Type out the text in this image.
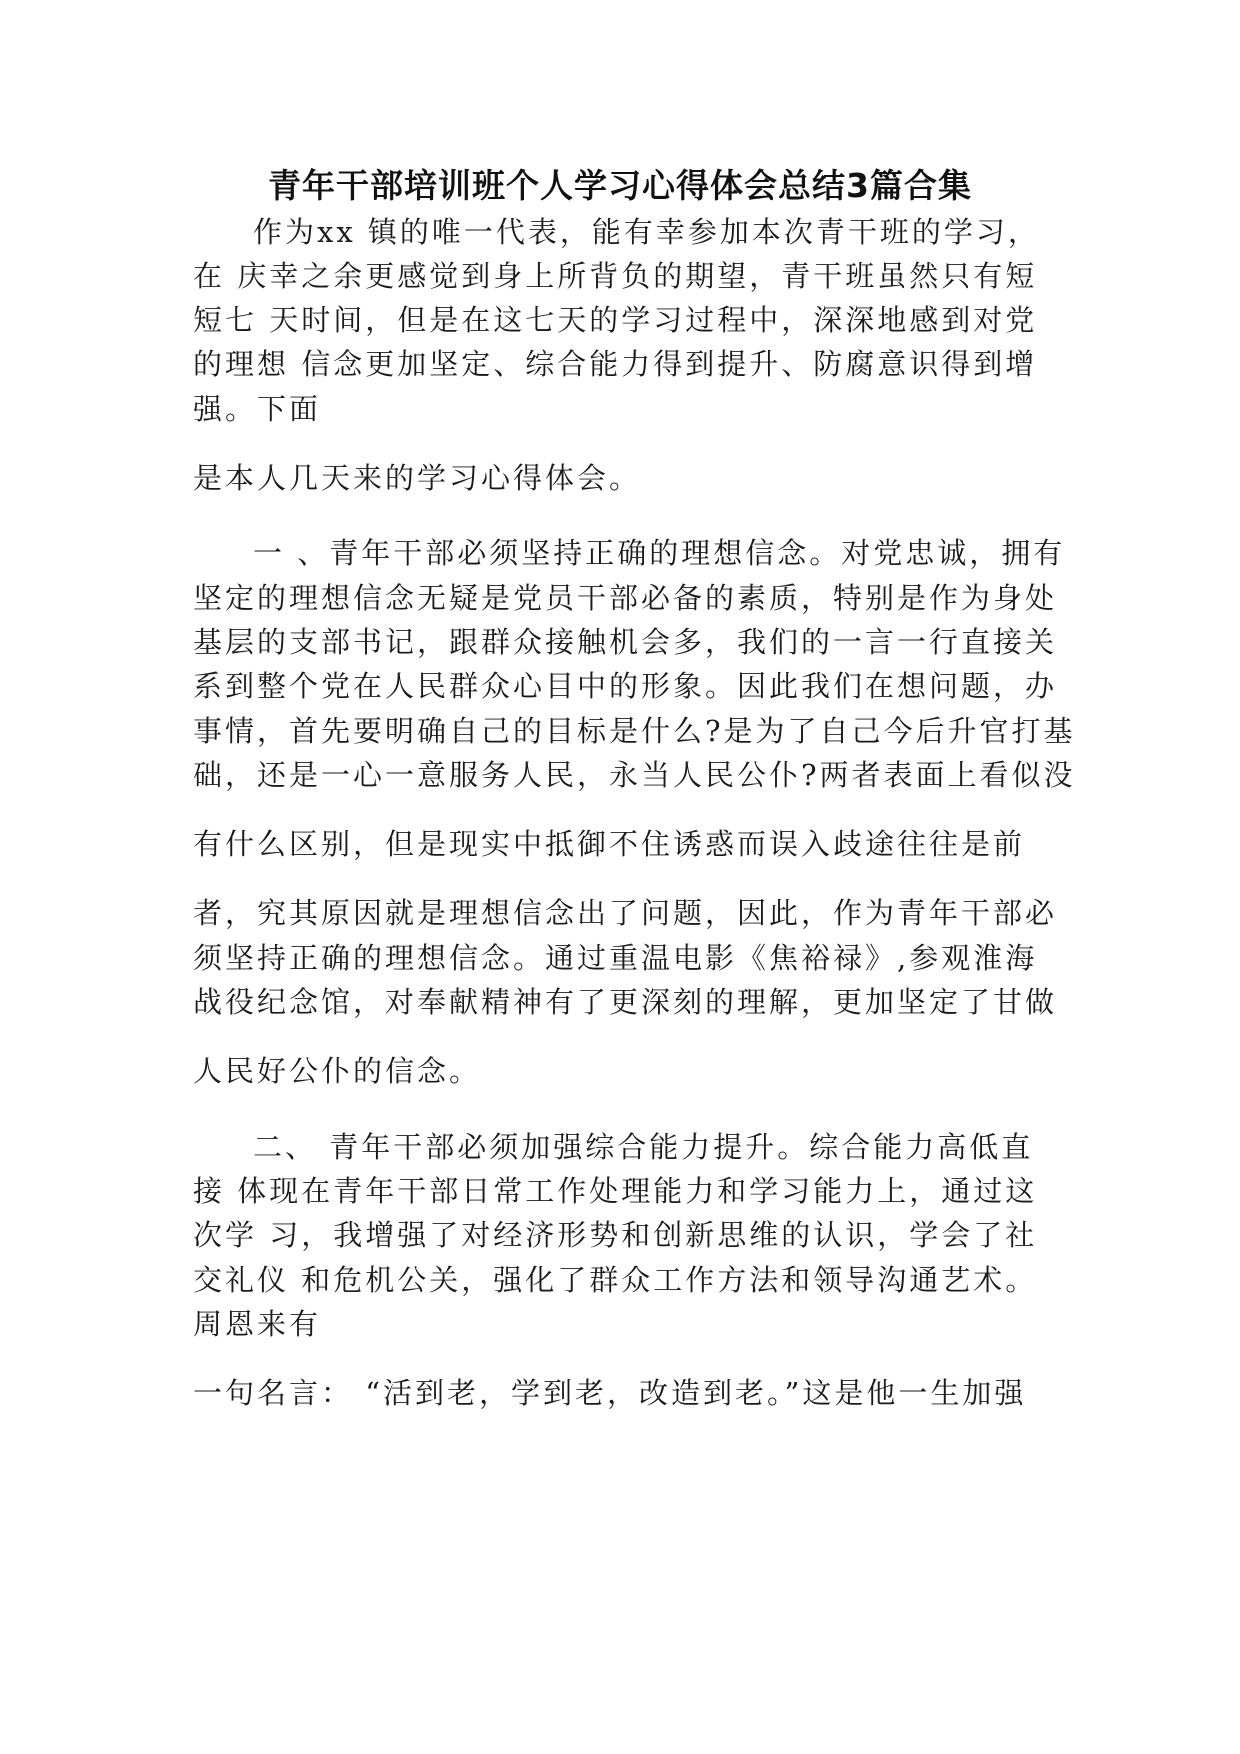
青年干部培训班个人学习心得体会总结3篇合集
作为xx 镇的唯一代表，能有幸参加本次青干班的学习，
在 庆幸之余更感觉到身上所背负的期望，青干班虽然只有短
短七 天时间，但是在这七天的学习过程中，深深地感到对党
的理想 信念更加坚定、综合能力得到提升、防腐意识得到增
强。下面
是本人几天来的学习心得体会。
一 、青年干部必须坚持正确的理想信念。对党忠诚，拥有
坚定的理想信念无疑是党员干部必备的素质，特别是作为身处
基层的支部书记，跟群众接触机会多，我们的一言一行直接关
系到整个党在人民群众心目中的形象。因此我们在想问题，办
事情，首先要明确自己的目标是什么?是为了自己今后升官打基
础，还是一心一意服务人民，永当人民公仆?两者表面上看似没
有什么区别，但是现实中抵御不住诱惑而误入歧途往往是前
者，究其原因就是理想信念出了问题，因此，作为青年干部必
须坚持正确的理想信念。通过重温电影《焦裕禄》,参观淮海
战役纪念馆，对奉献精神有了更深刻的理解，更加坚定了甘做
人民好公仆的信念。
二、 青年干部必须加强综合能力提升。综合能力高低直
接 体现在青年干部日常工作处理能力和学习能力上，通过这
次学 习，我增强了对经济形势和创新思维的认识，学会了社
交礼仪 和危机公关，强化了群众工作方法和领导沟通艺术。
周恩来有
一句名言： “活到老，学到老，改造到老。”这是他一生加强
